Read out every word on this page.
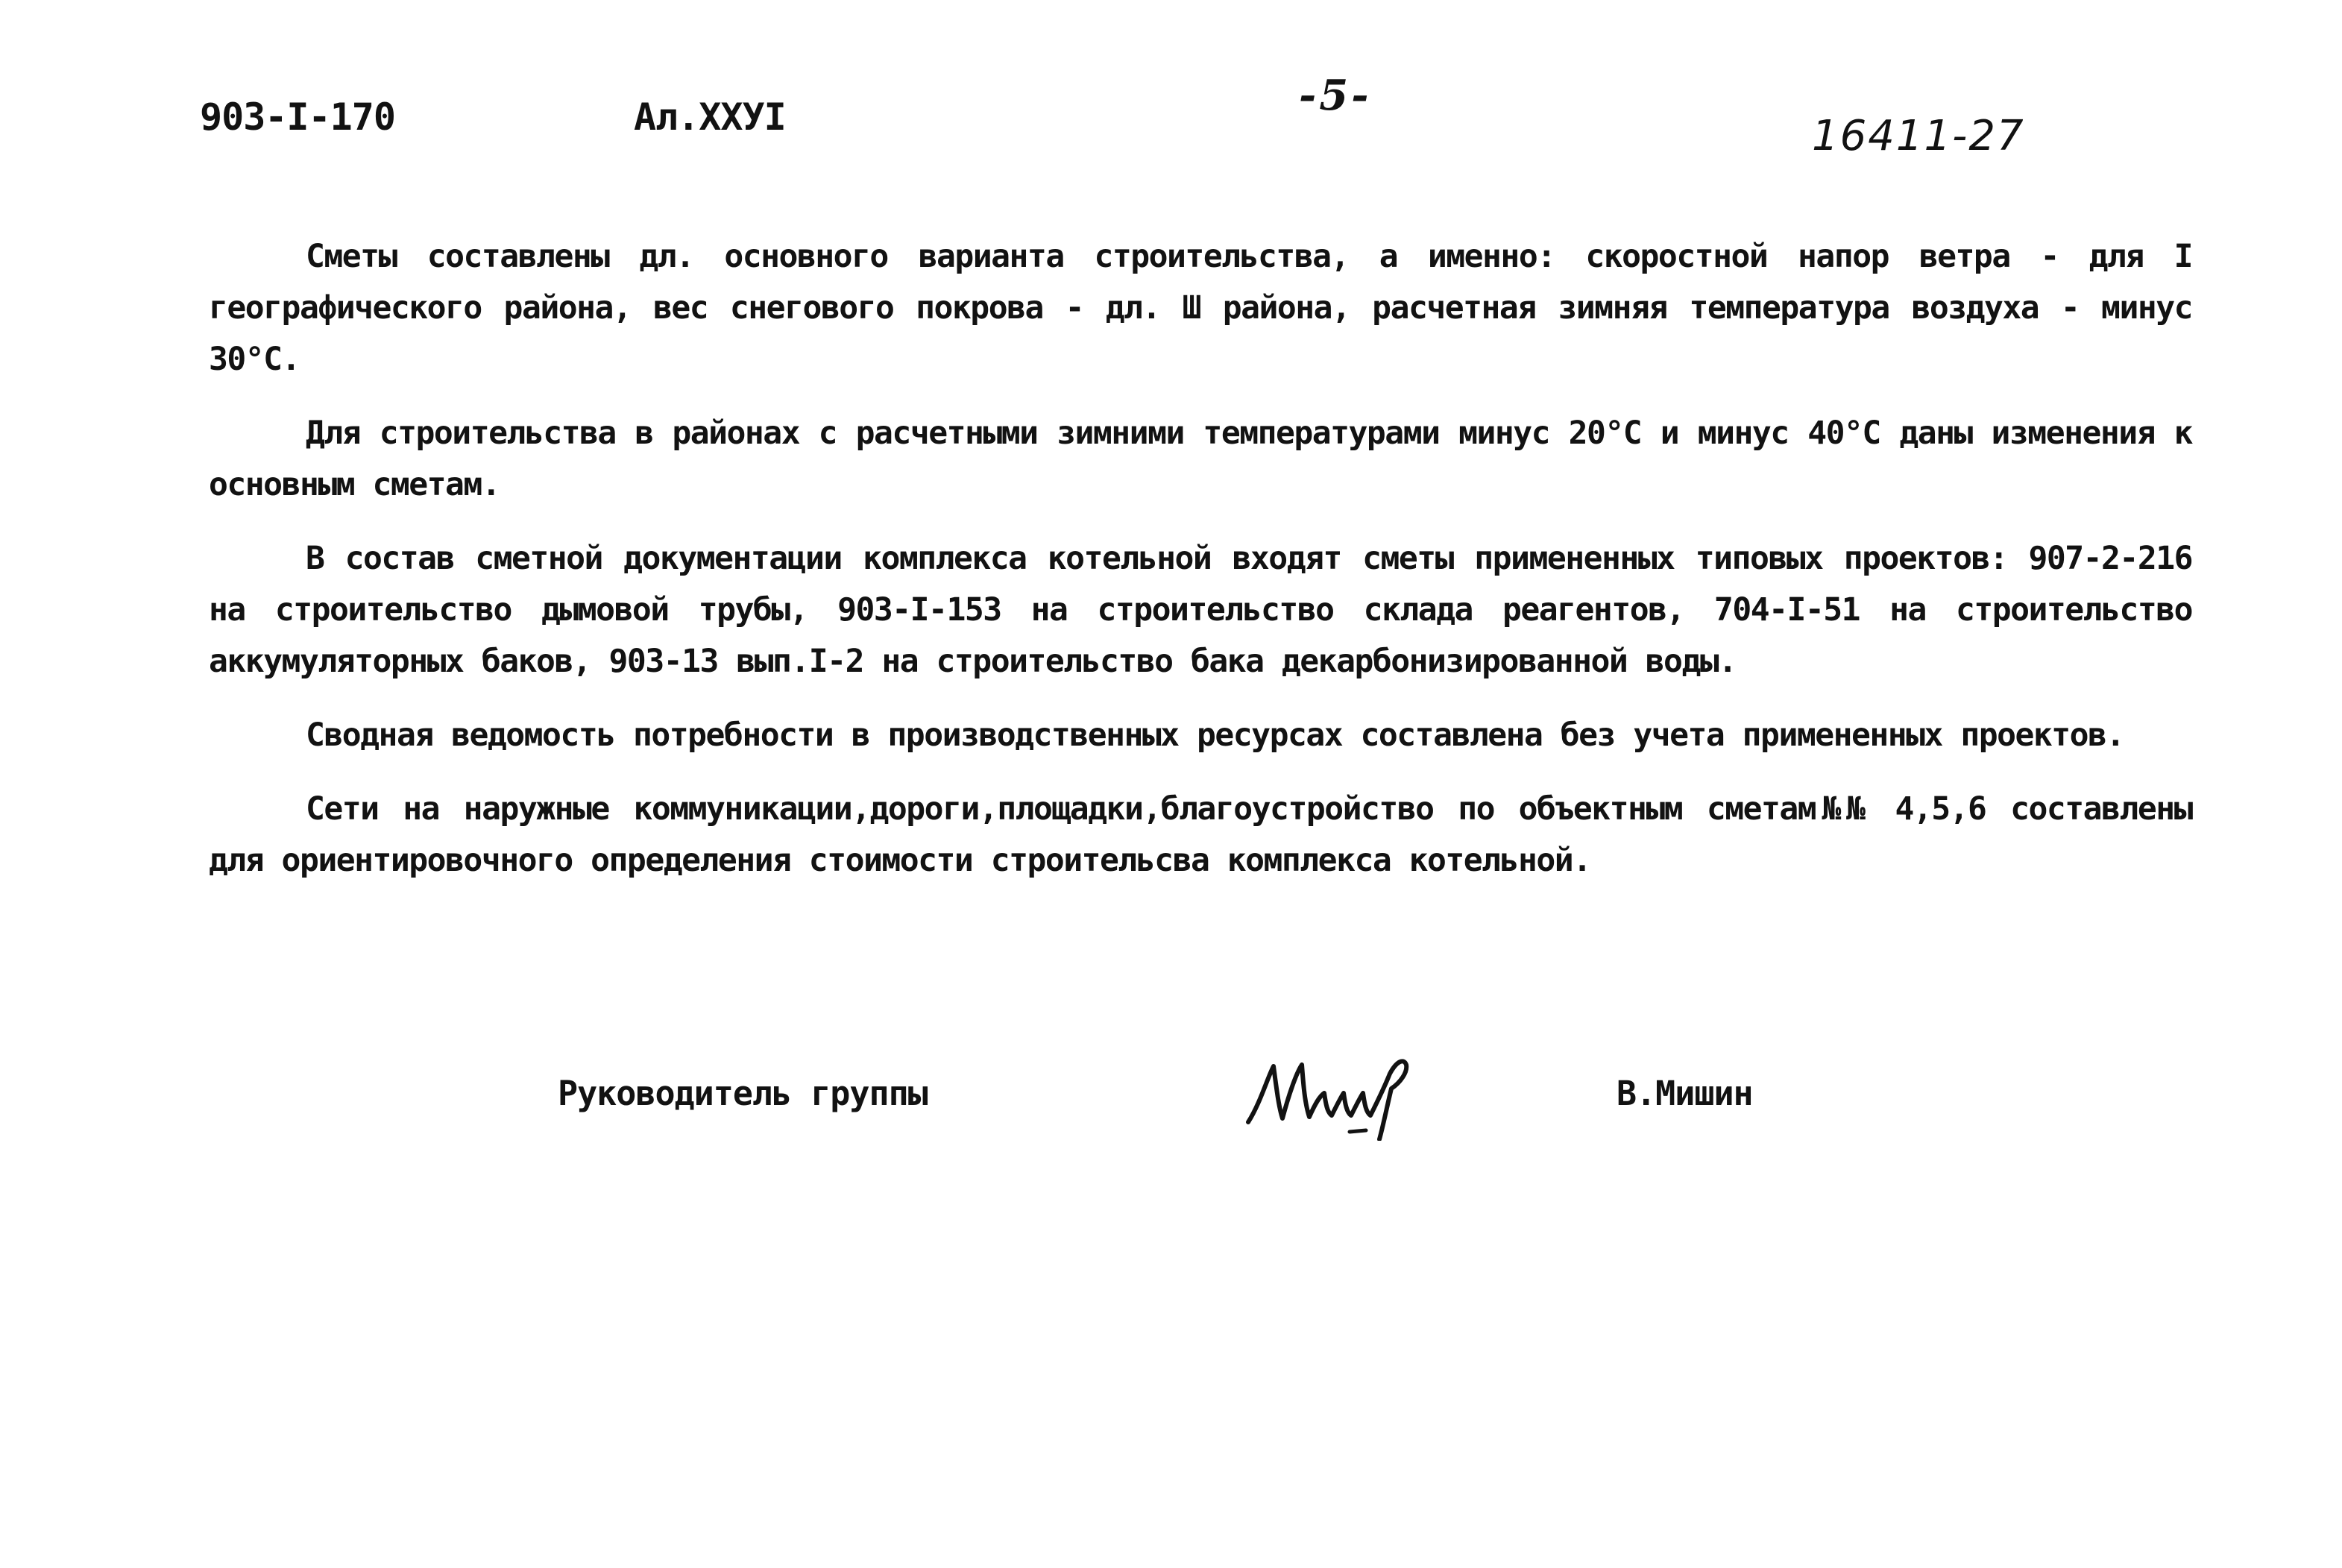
903-I-170	Ал.XXУI	-5-
16411-27

Сметы составлены дл. основного варианта строительства, а именно: скоростной напор ветра - для I географического района, вес снегового покрова - дл. Ш района, расчетная зимняя температура воздуха - минус 30°С.

Для строительства в районах с расчетными зимними температурами минус 20°С и минус 40°С даны изменения к основным сметам.

В состав сметной документации комплекса котельной входят сметы примененных типовых проектов: 907-2-216 на строительство дымовой трубы, 903-I-153 на строительство склада реагентов, 704-I-51 на строительство аккумуляторных баков, 903-13 вып.I-2 на строительство бака декарбонизированной воды.

Сводная ведомость потребности в производственных ресурсах составлена без учета примененных проектов.

Сети на наружные коммуникации,дороги,площадки,благоустройство по объектным сметам№№ 4,5,6 составлены для ориентировочного определения стоимости строительсва комплекса котельной.

Руководитель группы	В.Мишин
